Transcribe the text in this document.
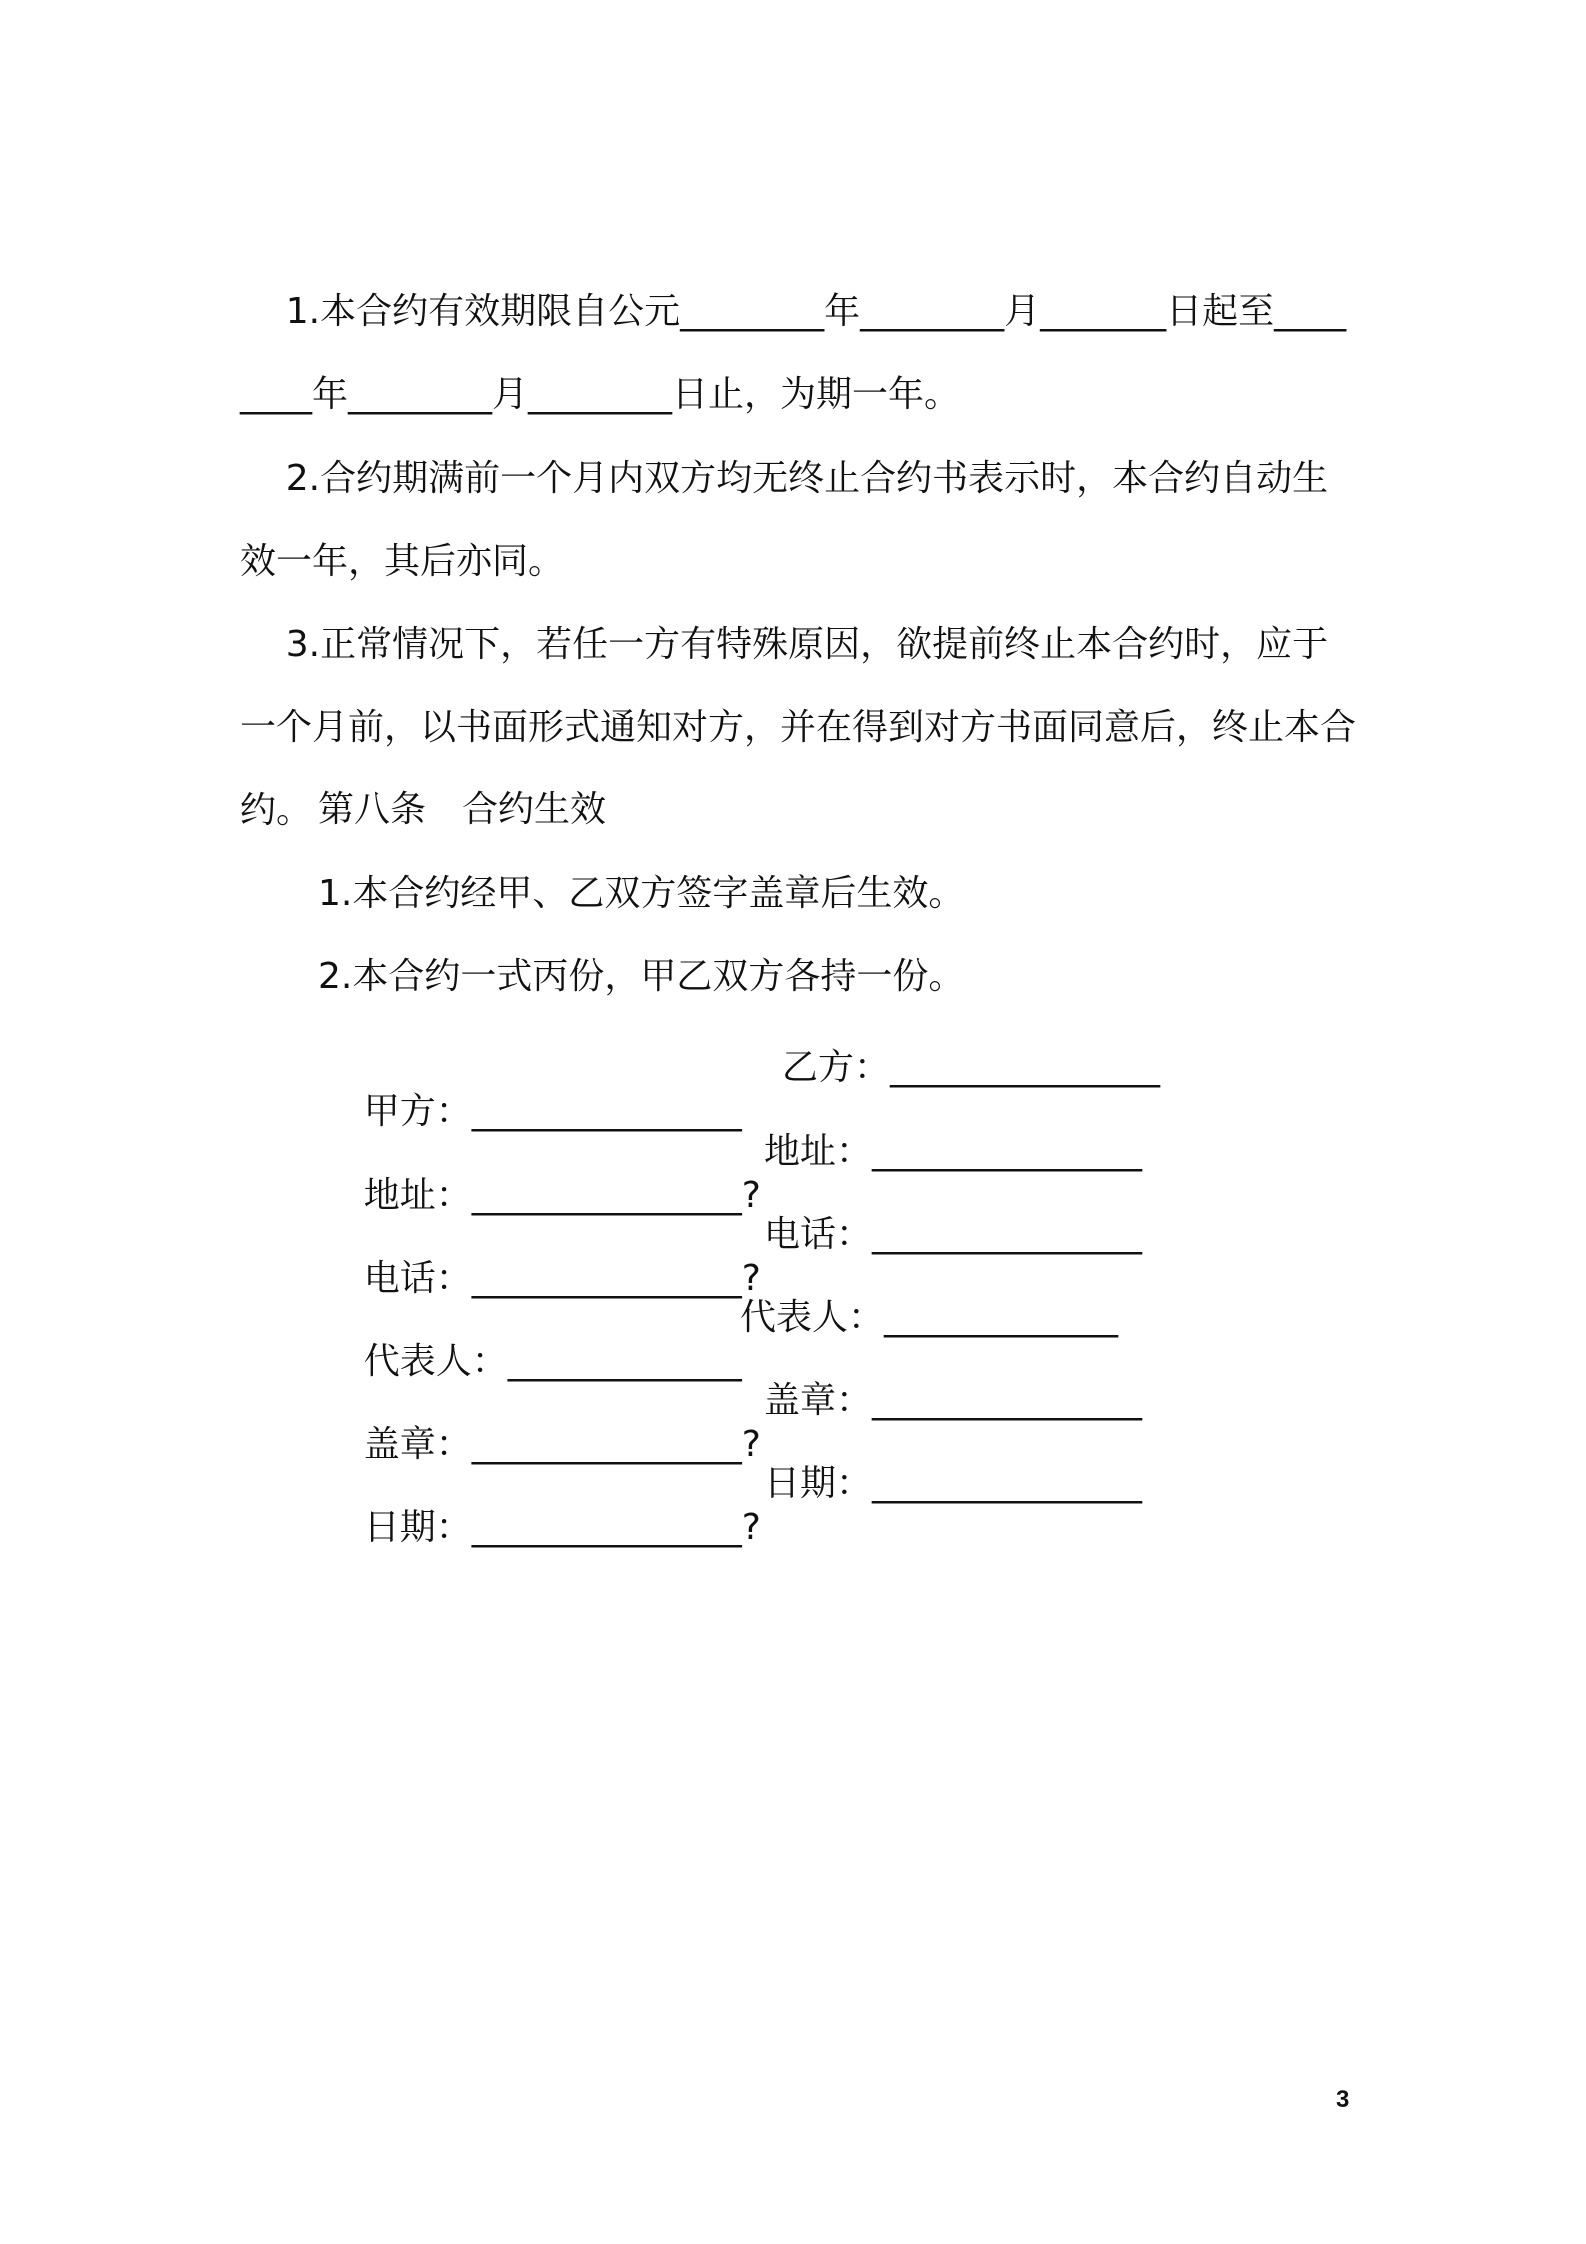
1.本合约有效期限自公元________年________月_______日起至________年________月________日止，为期一年。

2.合约期满前一个月内双方均无终止合约书表示时，本合约自动生效一年，其后亦同。

3.正常情况下，若任一方有特殊原因，欲提前终止本合约时，应于一个月前，以书面形式通知对方，并在得到对方书面同意后，终止本合约。
第八条　合约生效
1.本合约经甲、乙双方签字盖章后生效。
2.本合约一式丙份，甲乙双方各持一份。

甲方：_______________

乙方：_______________

地址：_______________?

地址：_______________

电话：_______________?

电话：_______________

代表人：_____________

代表人：_____________

盖章：_______________?

盖章：_______________

日期：_______________?

日期：_______________

3
